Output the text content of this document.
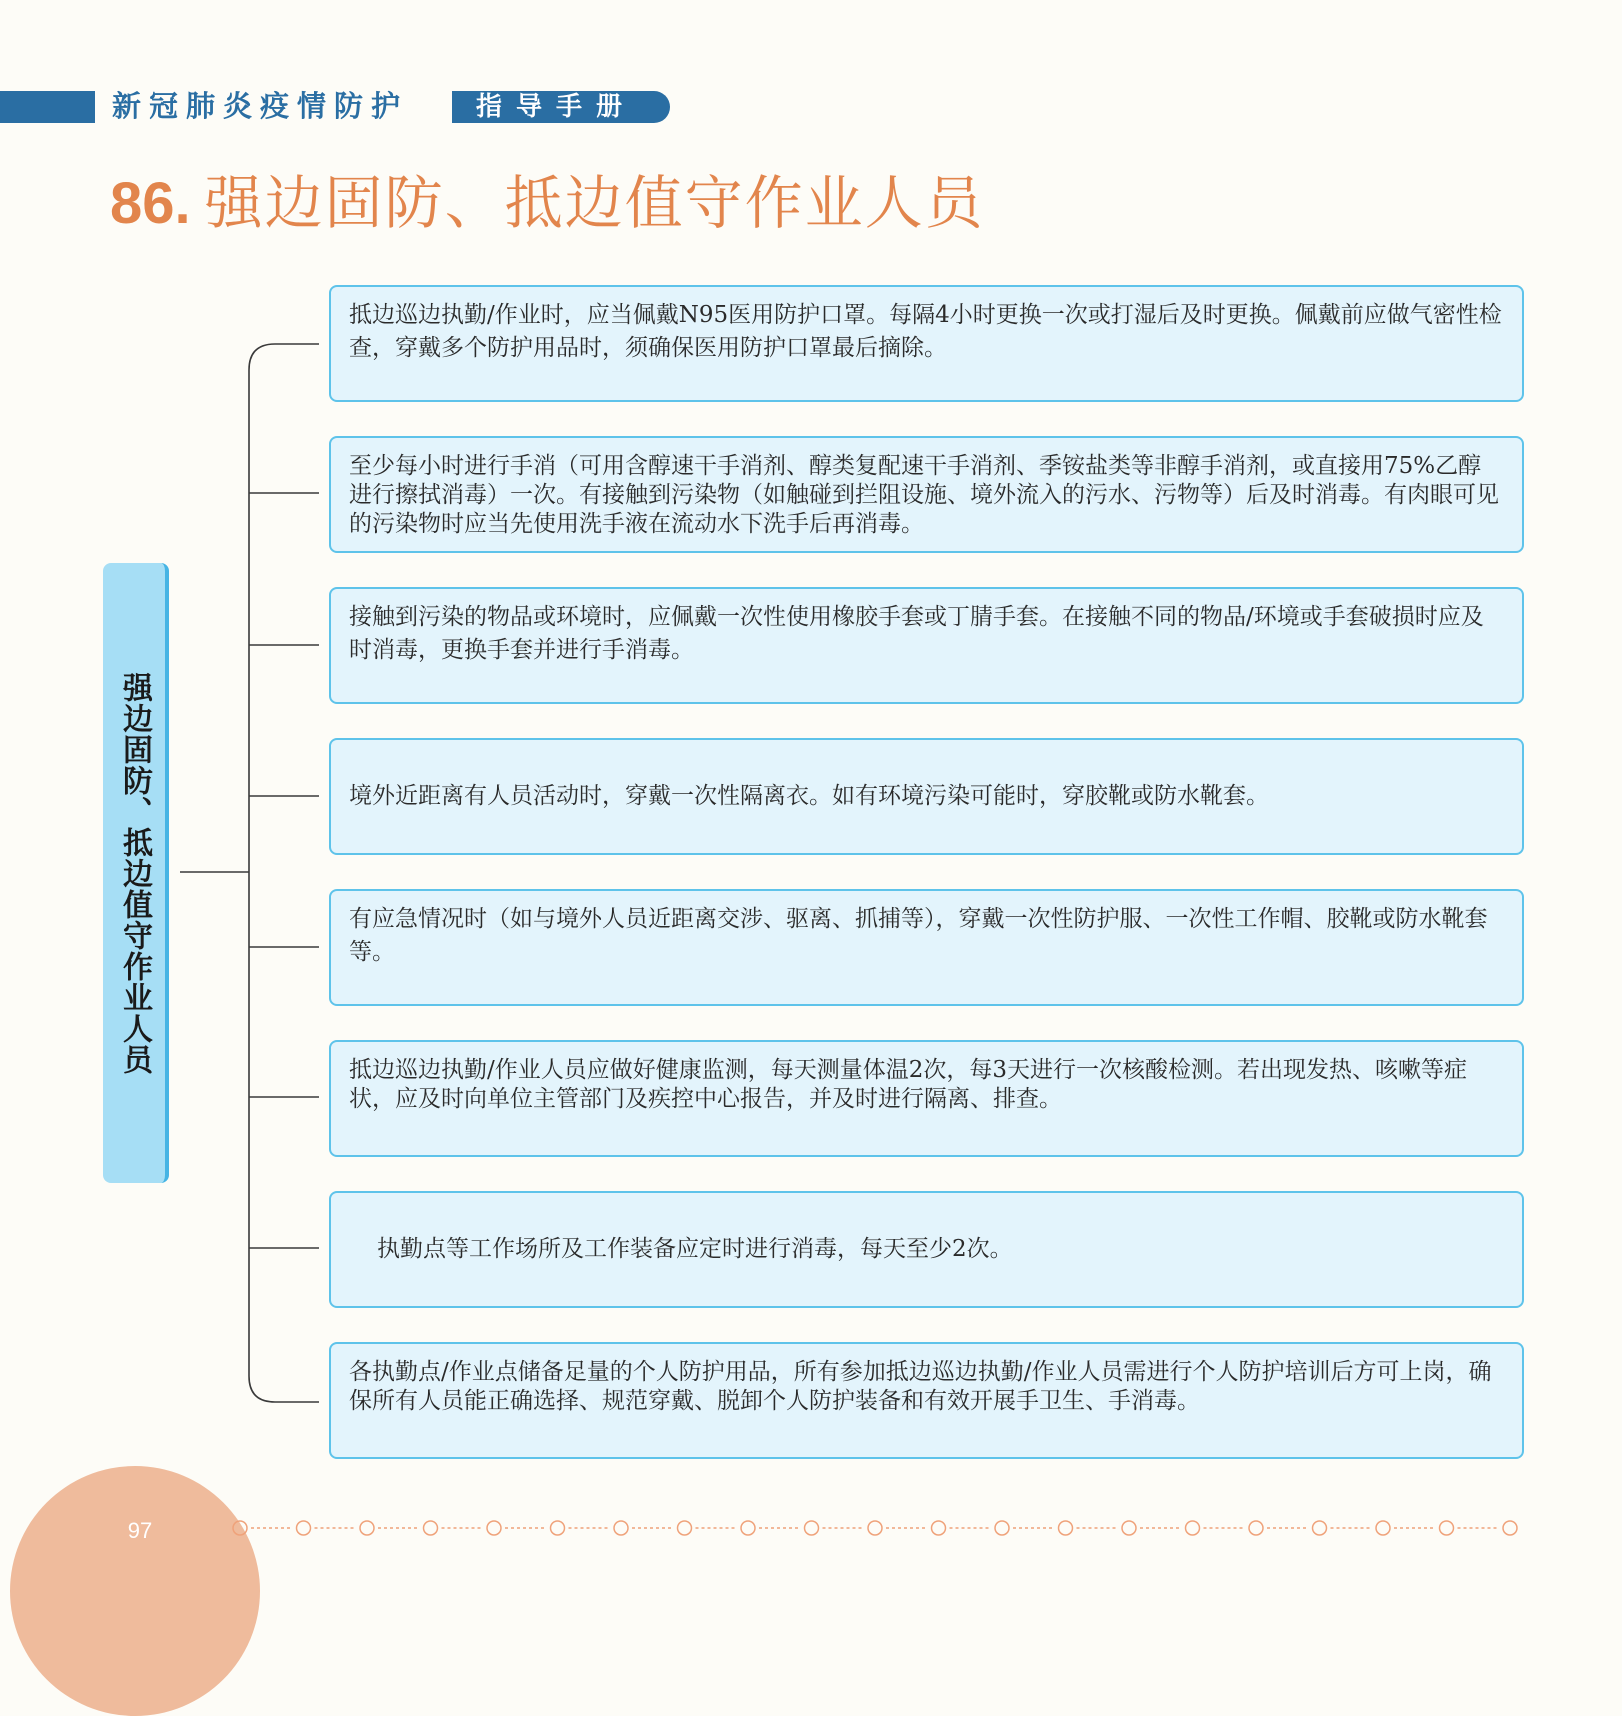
新冠肺炎疫情防护	指导手册
86. 强边固防、抵边值守作业人员
强边固防、抵边值守作业人员
抵边巡边执勤/作业时，应当佩戴N95医用防护口罩。每隔4小时更换一次或打湿后及时更换。佩戴前应做气密性检查，穿戴多个防护用品时，须确保医用防护口罩最后摘除。
至少每小时进行手消（可用含醇速干手消剂、醇类复配速干手消剂、季铵盐类等非醇手消剂，或直接用75%乙醇进行擦拭消毒）一次。有接触到污染物（如触碰到拦阻设施、境外流入的污水、污物等）后及时消毒。有肉眼可见的污染物时应当先使用洗手液在流动水下洗手后再消毒。
接触到污染的物品或环境时，应佩戴一次性使用橡胶手套或丁腈手套。在接触不同的物品/环境或手套破损时应及时消毒，更换手套并进行手消毒。
境外近距离有人员活动时，穿戴一次性隔离衣。如有环境污染可能时，穿胶靴或防水靴套。
有应急情况时（如与境外人员近距离交涉、驱离、抓捕等），穿戴一次性防护服、一次性工作帽、胶靴或防水靴套等。
抵边巡边执勤/作业人员应做好健康监测，每天测量体温2次，每3天进行一次核酸检测。若出现发热、咳嗽等症状，应及时向单位主管部门及疾控中心报告，并及时进行隔离、排查。
执勤点等工作场所及工作装备应定时进行消毒，每天至少2次。
各执勤点/作业点储备足量的个人防护用品，所有参加抵边巡边执勤/作业人员需进行个人防护培训后方可上岗，确保所有人员能正确选择、规范穿戴、脱卸个人防护装备和有效开展手卫生、手消毒。
97
